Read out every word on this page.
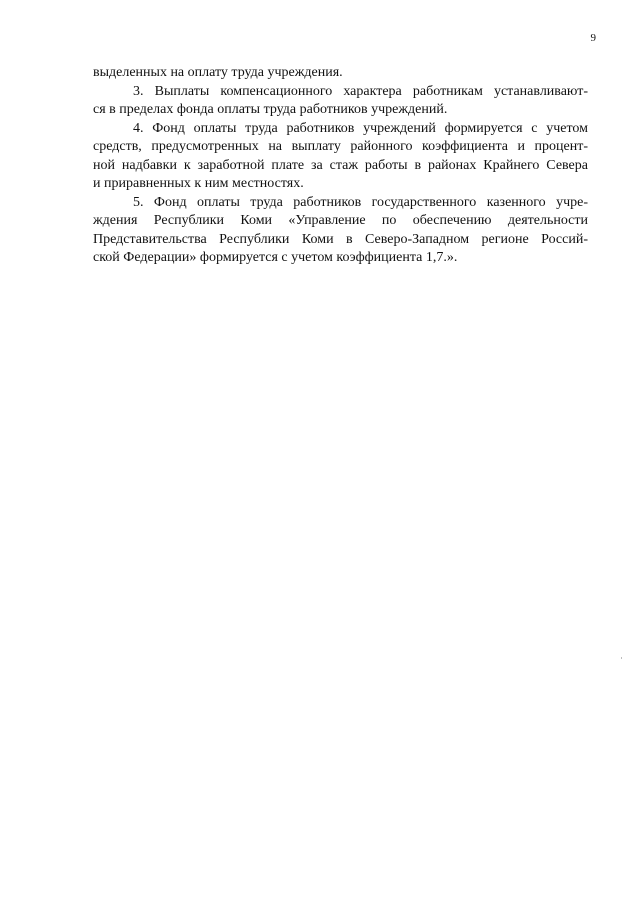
9
выделенных на оплату труда учреждения.
3. Выплаты компенсационного характера работникам устанавливают-
ся в пределах фонда оплаты труда работников учреждений.
4. Фонд оплаты труда работников учреждений формируется с учетом
средств, предусмотренных на выплату районного коэффициента и процент-
ной надбавки к заработной плате за стаж работы в районах Крайнего Севера
и приравненных к ним местностях.
5. Фонд оплаты труда работников государственного казенного учре-
ждения Республики Коми «Управление по обеспечению деятельности
Представительства Республики Коми в Северо-Западном регионе Россий-
ской Федерации» формируется с учетом коэффициента 1,7.».
